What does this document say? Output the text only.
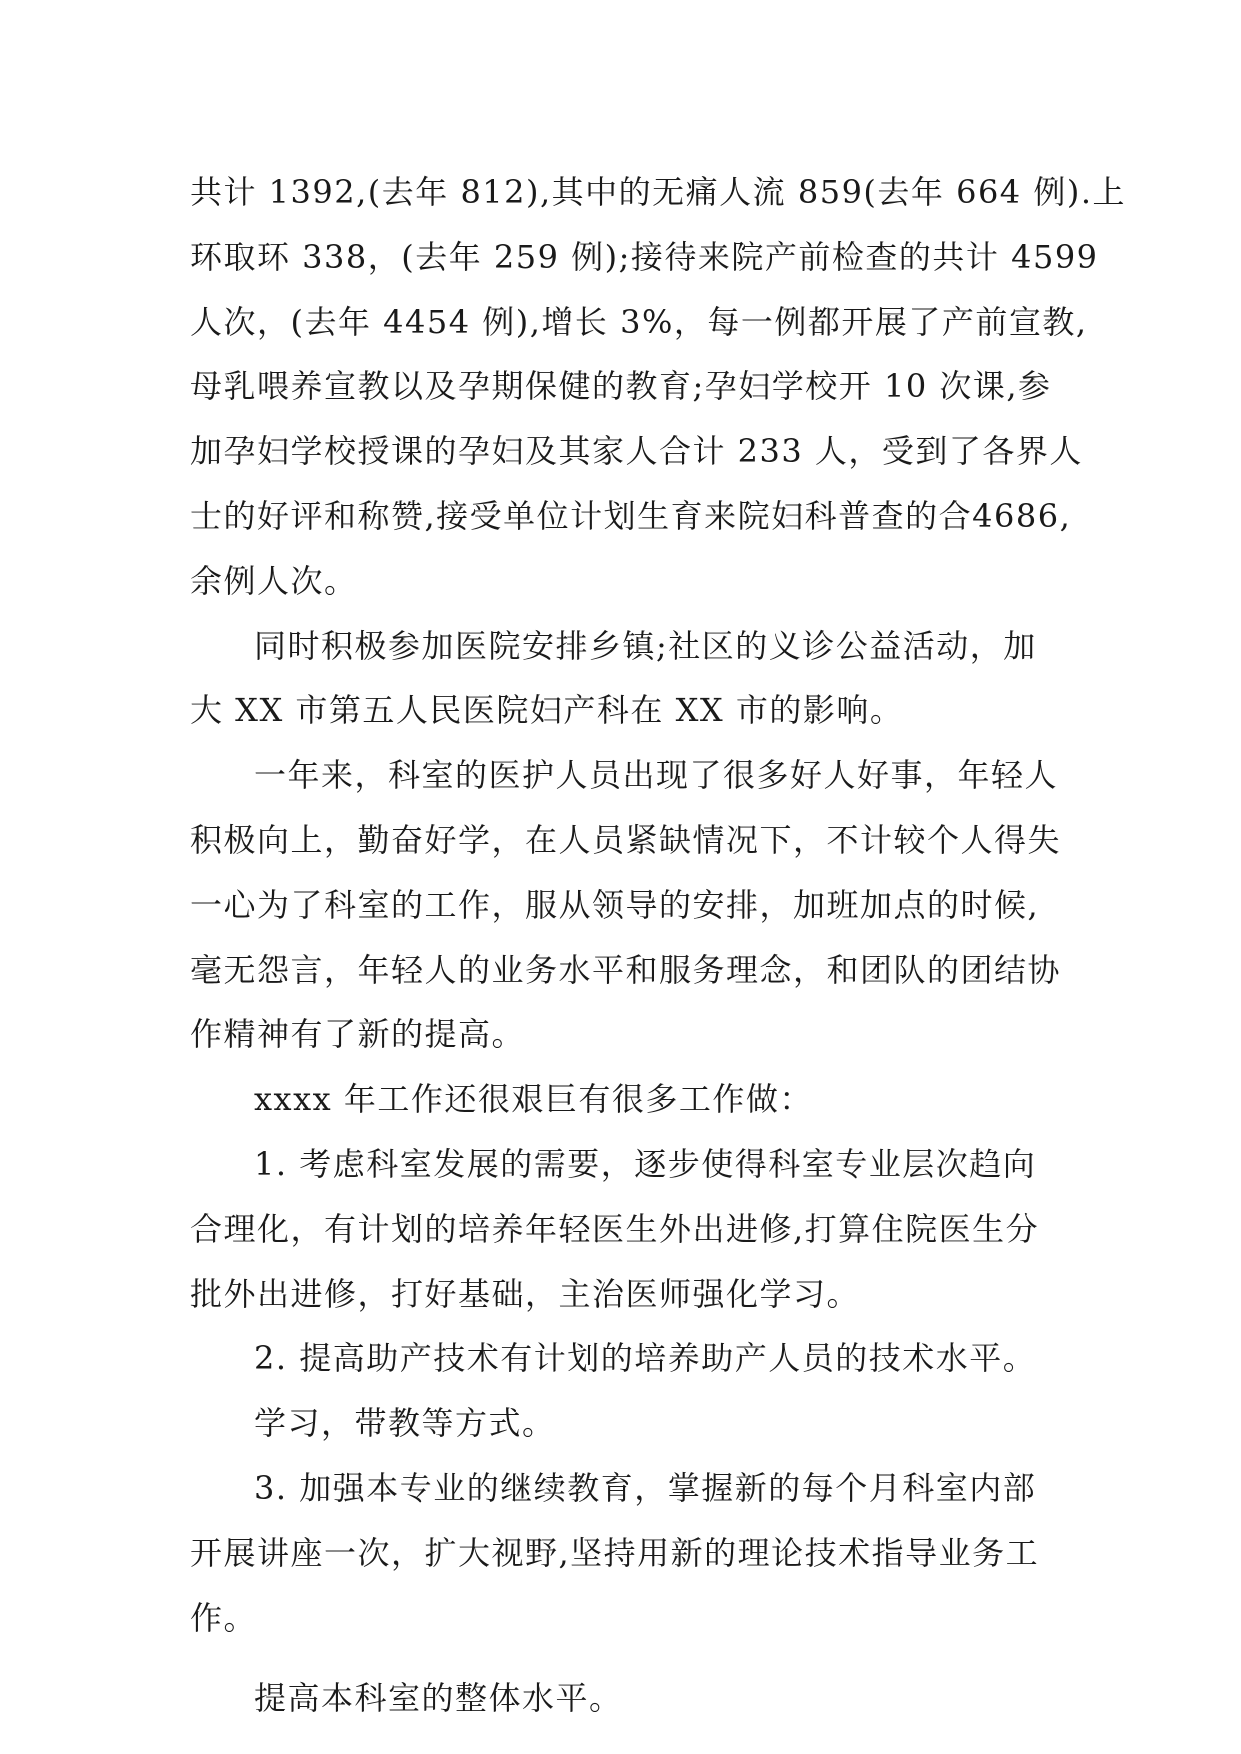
共计 1392,(去年 812),其中的无痛人流 859(去年 664 例).上
环取环 338，(去年 259 例);接待来院产前检查的共计 4599
人次，(去年 4454 例),增长 3%，每一例都开展了产前宣教,
母乳喂养宣教以及孕期保健的教育;孕妇学校开 10 次课,参
加孕妇学校授课的孕妇及其家人合计 233 人，受到了各界人
士的好评和称赞,接受单位计划生育来院妇科普查的合4686,
余例人次。
同时积极参加医院安排乡镇;社区的义诊公益活动，加
大 XX 市第五人民医院妇产科在 XX 市的影响。
一年来，科室的医护人员出现了很多好人好事，年轻人
积极向上，勤奋好学，在人员紧缺情况下，不计较个人得失
一心为了科室的工作，服从领导的安排，加班加点的时候,
毫无怨言，年轻人的业务水平和服务理念，和团队的团结协
作精神有了新的提高。
xxxx 年工作还很艰巨有很多工作做：
1. 考虑科室发展的需要，逐步使得科室专业层次趋向
合理化，有计划的培养年轻医生外出进修,打算住院医生分
批外出进修，打好基础，主治医师强化学习。
2. 提高助产技术有计划的培养助产人员的技术水平。
学习，带教等方式。
3. 加强本专业的继续教育，掌握新的每个月科室内部
开展讲座一次，扩大视野,坚持用新的理论技术指导业务工
作。
提高本科室的整体水平。
